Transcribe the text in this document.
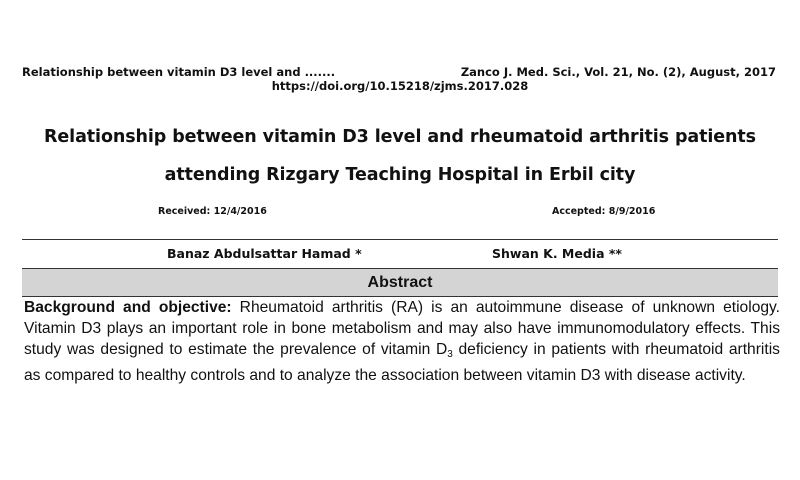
Relationship between vitamin D3 level and .......	Zanco J. Med. Sci., Vol. 21, No. (2), August, 2017
https://doi.org/10.15218/zjms.2017.028
Relationship between vitamin D3 level and rheumatoid arthritis patients
attending Rizgary Teaching Hospital in Erbil city
Received: 12/4/2016	Accepted: 8/9/2016
Banaz Abdulsattar Hamad *	Shwan K. Media **
Abstract
Background and objective: Rheumatoid arthritis (RA) is an autoimmune disease of unknown etiology. Vitamin D3 plays an important role in bone metabolism and may also have immunomodulatory effects. This study was designed to estimate the prevalence of vitamin $D_3$ deficiency in patients with rheumatoid arthritis as compared to healthy controls and to analyze the association between vitamin D3 with disease activity.
